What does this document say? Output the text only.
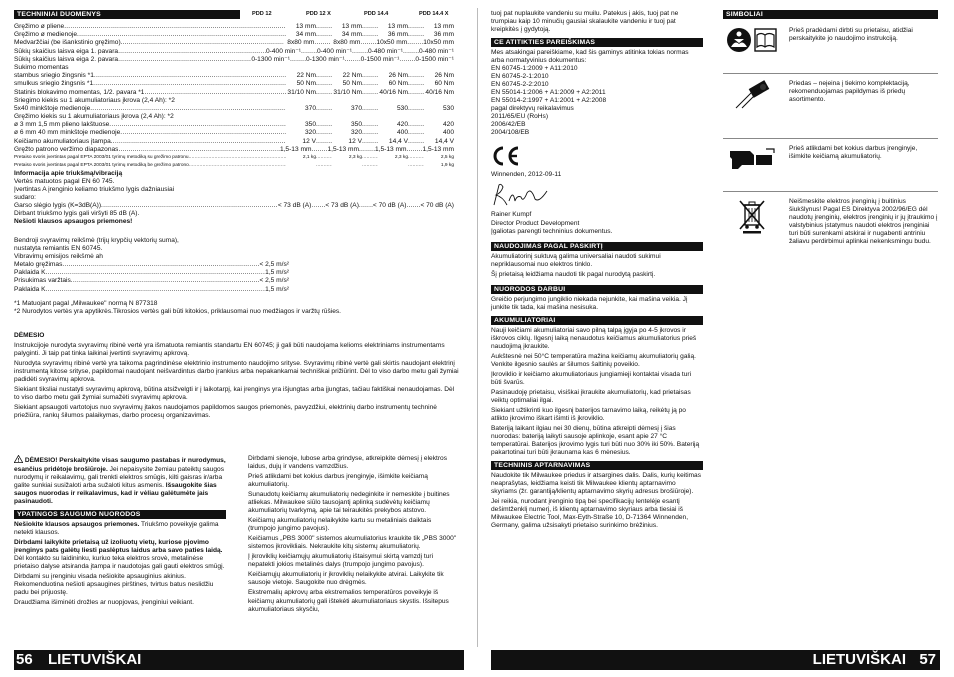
TECHNINIAI DUOMENYS	PDD 12	PDD 12 X	PDD 14.4	PDD 14.4 X
Gręžimo ø pliene .....	13 mm .....	13 mm .....	13 mm .....	13 mm
Gręžimo ø medienoje .....	34 mm .....	34 mm .....	36 mm .....	36 mm
Medvaržčiai (be išankstinio gręžimo) .....	8x80 mm .....	8x80 mm ..... 10x50 mm ..... 10x50 mm
Sūkių skaičius laisva eiga 1. pavara .....	0-400 min⁻¹ ..... 0-400 min⁻¹ ..... 0-480 min⁻¹ ..... 0-480 min⁻¹
Sūkių skaičius laisva eiga 2. pavara .....	0-1300 min⁻¹ ..... 0-1300 min⁻¹ ..... 0-1500 min⁻¹ ..... 0-1500 min⁻¹
Sukimo momentas
stambus sriegio žingsnis *1 .....	22 Nm .....	22 Nm .....	26 Nm .....	26 Nm
smulkus sriegio žingsnis *1 .....	50 Nm .....	50 Nm .....	60 Nm .....	60 Nm
Statinis blokavimo momentas, 1/2. pavara *1 .....	31/10 Nm .....	31/10 Nm .....	40/16 Nm .....	40/16 Nm
Sriegimo kiekis su 1 akumuliatoriaus įkrova (2,4 Ah): *2
5x40 minkštoje medienoje .....	370 .....	370 .....	530 .....	530
Gręžimo kiekis su 1 akumuliatoriaus įkrova (2,4 Ah): *2
ø 3 mm 1,5 mm plieno lakštuose .....	350 .....	350 .....	420 .....	420
ø 6 mm 40 mm minkštoje medienoje .....	320 .....	320 .....	400 .....	400
Keičiamo akumuliatoriaus įtampa .....	12 V .....	12 V .....	14,4 V .....	14,4 V
Gręžto patrono veržimo diapazonas .....	1,5-13 mm ..... 1,5-13 mm ..... 1,5-13 mm ..... 1,5-13 mm
Pretaiso svoris įvertintas pagal EPTA 2003/01 tyrimų metodiką su grežimo patronu .....	2,1 kg .....	2,3 kg .....	2,3 kg .....	2,5 kg
Pretaiso svoris įvertintas pagal EPTA 2003/01 tyrimų metodiką be grežimo patrono ..... ..... ..... .....	1,9 kg
Informacija apie triukšmą/vibraciją
Vertės matuotos pagal EN 60 745.
Įvertintas A įrenginio keliamo triukšmo lygis dažniausiai
sudaro:
Garso slėgio lygis (K=3dB(A)) .....	< 73 dB (A) ..... < 73 dB (A) ..... < 70 dB (A) ..... < 70 dB (A)
Dirbant triukšmo lygis gali viršyti 85 dB (A).
Nešioti klausos apsaugos priemones!
Bendroji svyravimų reikšmė (trijų krypčių vektorių suma),
nustatyta remiantis EN 60745.
Vibravimų emisijos reikšmė ah
Metalo gręžimas .....	< 2,5 m/s²
Paklaida K .....	1,5 m/s²
Prisukimas varžtais .....	< 2,5 m/s²
Paklaida K .....	1,5 m/s²
*1 Matuojant pagal „Milwaukee" normą N 877318
*2 Nurodytos vertės yra apytikrės.Tikrosios vertės gali būti kitokios, priklausomai nuo medžiagos ir varžtų rūšies.
DĖMESIO
Instrukcijoje nurodyta svyravimų ribinė vertė yra išmatuota remiantis standartu EN 60745; ji gali būti naudojama kelioms elektriniams instrumentams palyginti. Ji taip pat tinka laikinai įvertinti svyravimų apkrovą.
Nurodyta svyravimų ribinė vertė yra taikoma pagrindinėse elektrinio instrumento naudojimo srityse. Svyravimų ribinė vertė gali skirtis naudojant elektrinį instrumentą kitose srityse, papildomai naudojant neišvardintus darbo įrankius arba nepakankamai techniškai prižiūrint. Dėl to viso darbo metu gali žymiai padidėti svyravimų apkrova.
Siekiant tiksliai nustatyti svyravimų apkrovą, būtina atsižvelgti ir į laikotarpį, kai įrenginys yra išjungtas arba įjungtas, tačiau faktiškai nenaudojamas. Dėl to viso darbo metu gali žymiai sumažėti svyravimų apkrova.
Siekiant apsaugoti vartotojus nuo svyravimų įtakos naudojamos papildomos saugos priemonės, pavyzdžiui, elektrinių darbo instrumentų techninė priežiūra, rankų šilumos palaikymas, darbo procesų organizavimas.
! DĖMESIO! Perskaitykite visas saugumo pastabas ir nurodymus, esančius pridėtoje brošiūroje. Jei nepaisysite žemiau pateiktų saugos nurodymų ir reikalavimų, gali trenkti elektros smūgis, kilti gaisras ir/arba galite sunkiai susižaloti arba sužaloti kitus asmenis. Išsaugokite šias saugos nuorodas ir reikalavimus, kad ir vėliau galėtumėte jais pasinaudoti.
YPATINGOS SAUGUMO NUORODOS
Nešiokite klausos apsaugos priemones. Triukšmo poveikyje galima netekti klausos.
Dirbdami laikykite prietaisą už izoliuotų vietų, kuriose pjovimo įrenginys pats galėtų liesti paslėptus laidus arba savo paties laidą. Dėl kontakto su laidininku, kuriuo teka elektros srovė, metalinėse prietaiso dalyse atsiranda įtampa ir naudotojas gali gauti elektros smūgį.
Dirbdami su įrenginiu visada nešiokite apsauginius akinius. Rekomenduotina nešioti apsaugines pirštines, tvirtus batus neslidžiu padu bei prijuostę.
Draudžiama išiminėti drožles ar nuopjovas, įrenginiui veikiant.
Dirbdami sienoje, lubose arba grindyse, atkreipkite dėmesį į elektros laidus, dujų ir vandens vamzdžius.
Prieš atlikdami bet kokius darbus įrenginyje, išimkite keičiamą akumuliatorių.
Sunaudotų keičiamų akumuliatorių nedeginkite ir nemeskite į buitines atliekas. Milwaukee siūlo tausojantį aplinką sudėvėtų keičiamų akumuliatorių tvarkymą, apie tai teiraukitės prekybos atstovo.
Keičiamų akumuliatorių nelaikykite kartu su metaliniais daiktais (trumpojo jungimo pavojus).
Keičiamus „PBS 3000" sistemos akumuliatorius kraukite tik „PBS 3000" sistemos įkrovikliais. Nekraukite kitų sistemų akumuliatorių.
Į įkroviklių keičiamųjų akumuliatorių ištaisymui skirtą vamzdį turi nepatekti jokios metalinės dalys (trumpojo jungimo pavojus).
Keičiamųjų akumuliatorių ir įkroviklių nelaikykite atvirai. Laikykite tik sausoje vietoje. Saugokite nuo drėgmės.
Ekstremalių apkrovų arba ekstremalios temperatūros poveikyje iš keičiamų akumuliatorių gali ištekėti akumuliatoriaus skystis. Išsitepus akumuliatoriaus skysčiu,
56 LIETUVIŠKAI
tuoj pat nuplaukite vandeniu su muilu. Patekus į akis, tuoj pat ne trumpiau kaip 10 minučių gausiai skalaukite vandeniu ir tuoj pat kreipkitės į gydytoją.
CE ATITIKTIES PAREIŠKIMAS
Mes atsakingai pareiškiame, kad šis gaminys atitinka tokias normas arba normatyvinius dokumentus:
EN 60745-1:2009 + A11:2010
EN 60745-2-1:2010
EN 60745-2-2:2010
EN 55014-1:2006 + A1:2009 + A2:2011
EN 55014-2:1997 + A1:2001 + A2:2008
pagal direktyvų reikalavimus
2011/65/EU (RoHs)
2006/42/EB
2004/108/EB
Winnenden, 2012-09-11
Rainer Kumpf
Director Product Development
Įgaliotas parengti techninius dokumentus.
NAUDOJIMAS PAGAL PASKIRTĮ
Akumuliatorinį suktuvą galima universaliai naudoti sukimui nepriklausomai nuo elektros tinklo.
Šį prietaisą leidžiama naudoti tik pagal nurodytą paskirtį.
NUORODOS DARBUI
Greičio perjungimo jungiklio niekada nejunkite, kai mašina veikia. Jį junkite tik tada, kai mašina nesisuka.
AKUMULIATORIAI
Nauji keičiami akumuliatoriai savo pilną talpą įgyja po 4-5 įkrovos ir iškrovos ciklų. Ilgesnį laiką nenaudotus keičiamus akumuliatorius prieš naudojimą įkraukite.
Aukštesnė nei 50°C temperatūra mažina keičiamų akumuliatorių galią. Venkite ilgesnio saulės ar šilumos šaltinių poveikio.
Įkroviklio ir keičiamo akumuliatoriaus jungiamieji kontaktai visada turi būti švarūs.
Pasinaudoję prietaisu, visiškai įkraukite akumuliatorių, kad prietaisas veiktų optimaliai ilgai.
Siekiant užtikrinti kuo ilgesnį baterijos tarnavimo laiką, reikėtų ją po atlikto įkrovimo iškart išimti iš įkroviklio.
Bateriją laikant ilgiau nei 30 dienų, būtina atkreipti dėmesį į šias nuorodas: bateriją laikyti sausoje aplinkoje, esant apie 27 °C temperatūrai. Baterijos įkrovimo lygis turi būti nuo 30% iki 50%. Bateriją pakartotinai turi būti įkraunama kas 6 mėnesius.
TECHNINIS APTARNAVIMAS
Naudokite tik Milwaukee priedus ir atsargines dalis. Dalis, kurių keitimas neaprašytas, leidžiama keisti tik Milwaukee klientų aptarnavimo skyriams (žr. garantiją/klientų aptarnavimo skyrių adresus brošiūroje).
Jei reikia, nurodant įrenginio tipą bei specifikacijų lentelėje esantį dešimtženklį numerį, iš klientų aptarnavimo skyriaus arba tiesiai iš Milwaukee Electric Tool, Max-Eyth-Straße 10, D-71364 Winnenden, Germany, galima užsisakyti prietaiso surinkimo brėžinius.
SIMBOLIAI
Prieš pradėdami dirbti su prietaisu, atidžiai perskaitykite jo naudojimo instrukciją.
Priedas – neįeina į tiekimo komplektaciją, rekomenduojamas papildymas iš priedų asortimento.
Prieš atlikdami bet kokius darbus įrenginyje, išimkite keičiamą akumuliatorių.
Neišmeskite elektros įrenginių į buitinius šiukšlynus! Pagal ES Direktyva 2002/96/EG dėl naudotų įrenginių, elektros įrenginių ir jų įtraukimo į valstybinius įstatymus naudoti elektros įrenginiai turi būti surenkami atskirai ir nugabenti antriniu žaliavu perdirbimui aplinkai nekenksmingu budu.
LIETUVIŠKAI 57
